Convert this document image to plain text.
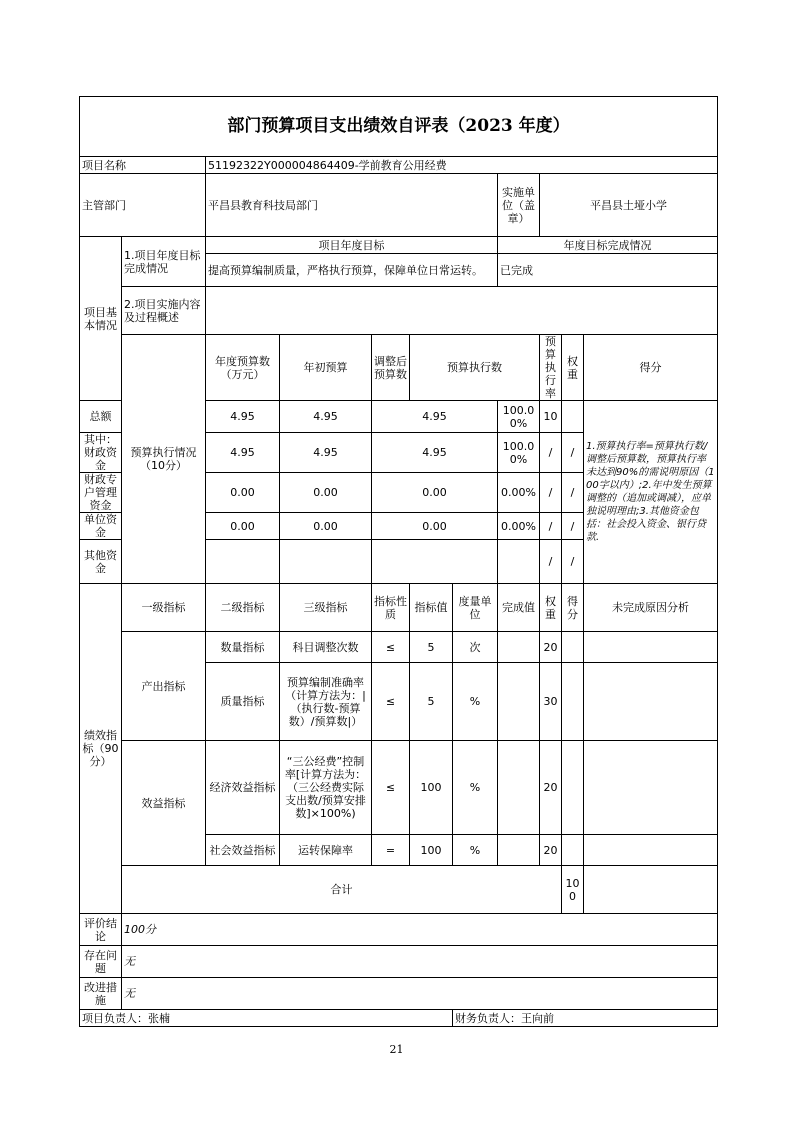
部门预算项目支出绩效自评表（2023 年度）											
项目名称		51192322Y000004864409-学前教育公用经费									
主管部门		平昌县教育科技局部门					实施单位（盖章）	平昌县土垭小学			
项目基本情况	1.项目年度目标完成情况	项目年度目标					年度目标完成情况				
		提高预算编制质量，严格执行预算，保障单位日常运转。					已完成				
	2.项目实施内容及过程概述										
	预算执行情况（10分）	年度预算数（万元）	年初预算	调整后预算数	预算执行数			预算执行率	权重	得分	
总额		4.95	4.95	4.95			100.00%	10		1.预算执行率=预算执行数/调整后预算数，预算执行率未达到90%的需说明原因（100字以内）;2.年中发生预算调整的（追加或调减），应单独说明理由;3.其他资金包括：社会投入资金、银行贷款.	
其中：财政资金		4.95	4.95	4.95			100.00%	/	/		
财政专户管理资金		0.00	0.00	0.00			0.00%	/	/		
单位资金		0.00	0.00	0.00			0.00%	/	/		
其他资金								/	/		
绩效指标（90分）	一级指标	二级指标	三级指标	指标性质	指标值	度量单位	完成值	权重	得分	未完成原因分析	
	产出指标	数量指标	科目调整次数	≤	5	次		20			
		质量指标	预算编制准确率（计算方法为：|（执行数-预算数）/预算数|）	≤	5	%		30			
	效益指标	经济效益指标	“三公经费”控制率[计算方法为：（三公经费实际支出数/预算安排数]×100%)	≤	100	%		20			
		社会效益指标	运转保障率	=	100	%		20			
	合计								100		
评价结论	100分										
存在问题	无										
改进措施	无										
项目负责人：张楠						财务负责人：王向前					
21
